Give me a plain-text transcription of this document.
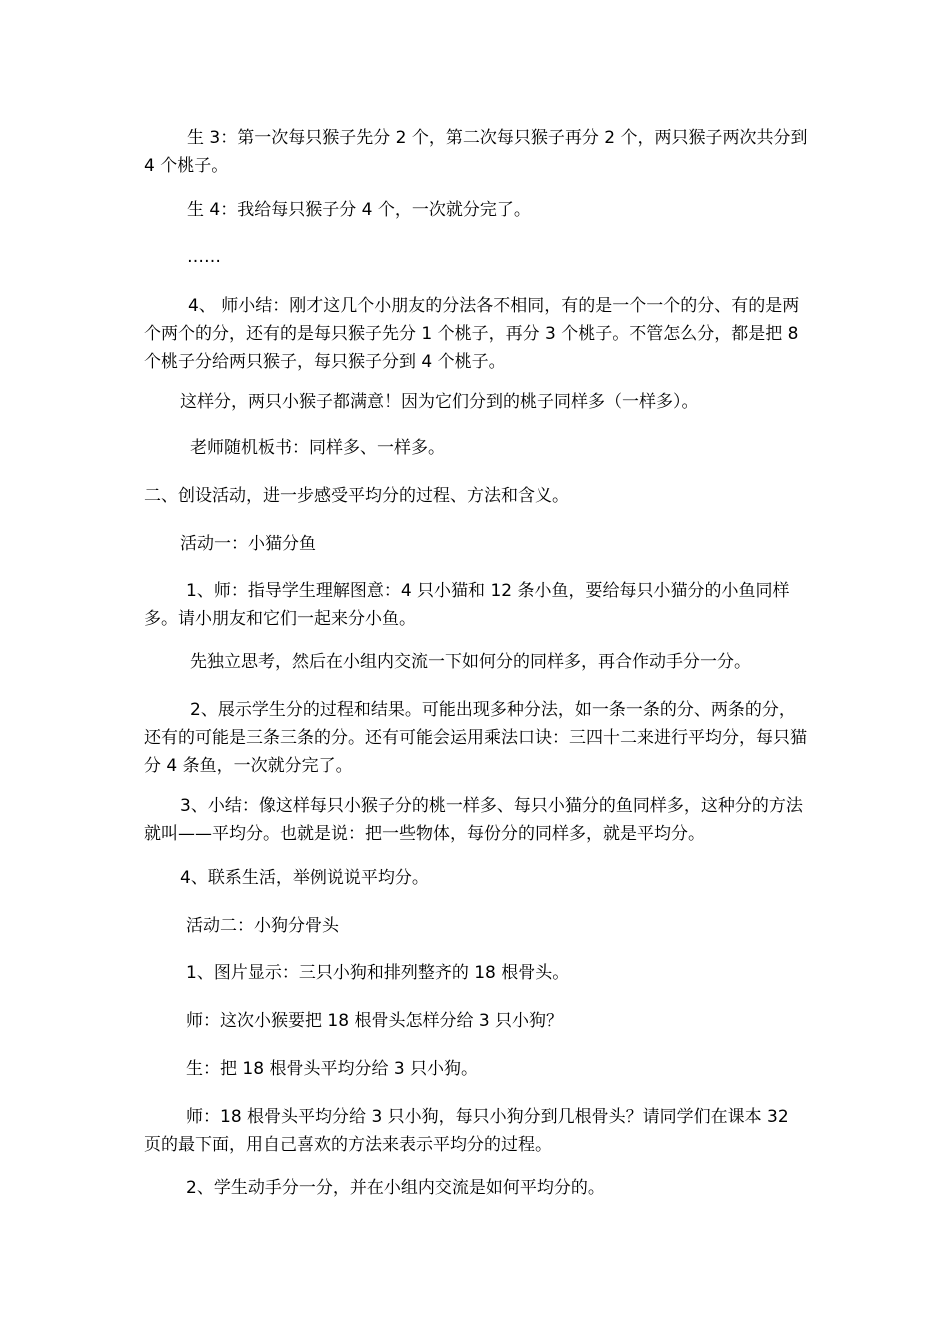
生 3：第一次每只猴子先分 2 个，第二次每只猴子再分 2 个，两只猴子两次共分到 4 个桃子。

生 4：我给每只猴子分 4 个，一次就分完了。

……

4、 师小结：刚才这几个小朋友的分法各不相同，有的是一个一个的分、有的是两个两个的分，还有的是每只猴子先分 1 个桃子，再分 3 个桃子。不管怎么分，都是把 8 个桃子分给两只猴子，每只猴子分到 4 个桃子。

这样分，两只小猴子都满意！因为它们分到的桃子同样多（一样多）。

老师随机板书：同样多、一样多。

二、创设活动，进一步感受平均分的过程、方法和含义。

活动一：小猫分鱼

1、师：指导学生理解图意：4 只小猫和 12 条小鱼，要给每只小猫分的小鱼同样多。请小朋友和它们一起来分小鱼。

先独立思考，然后在小组内交流一下如何分的同样多，再合作动手分一分。

2、展示学生分的过程和结果。可能出现多种分法，如一条一条的分、两条的分，还有的可能是三条三条的分。还有可能会运用乘法口诀：三四十二来进行平均分，每只猫分 4 条鱼，一次就分完了。

3、小结：像这样每只小猴子分的桃一样多、每只小猫分的鱼同样多，这种分的方法就叫——平均分。也就是说：把一些物体，每份分的同样多，就是平均分。

4、联系生活，举例说说平均分。

活动二：小狗分骨头

1、图片显示：三只小狗和排列整齐的 18 根骨头。

师：这次小猴要把 18 根骨头怎样分给 3 只小狗？

生：把 18 根骨头平均分给 3 只小狗。

师：18 根骨头平均分给 3 只小狗，每只小狗分到几根骨头？请同学们在课本 32 页的最下面，用自己喜欢的方法来表示平均分的过程。

2、学生动手分一分，并在小组内交流是如何平均分的。
